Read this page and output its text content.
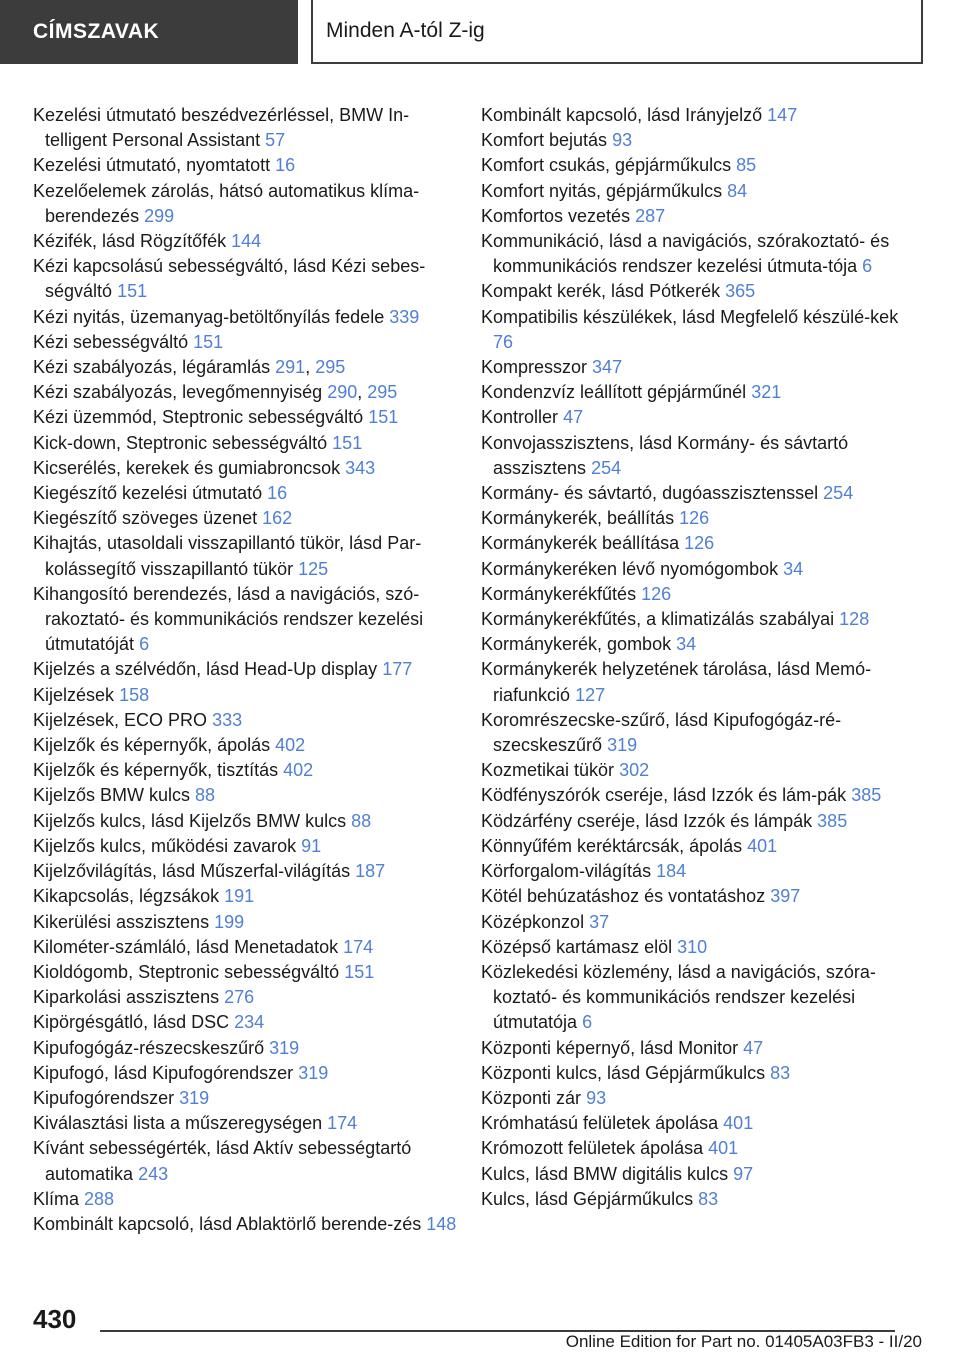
CÍMSZAVAK	Minden A-tól Z-ig

Kezelési útmutató beszédvezérléssel, BMW In-telligent Personal Assistant 57

Kezelési útmutató, nyomtatott 16

Kezelőelemek zárolás, hátsó automatikus klíma-berendezés 299

Kézifék, lásd Rögzítőfék 144

Kézi kapcsolású sebességváltó, lásd Kézi sebes-ségváltó 151

Kézi nyitás, üzemanyag-betöltőnyílás fedele 339

Kézi sebességváltó 151

Kézi szabályozás, légáramlás 291, 295

Kézi szabályozás, levegőmennyiség 290, 295

Kézi üzemmód, Steptronic sebességváltó 151

Kick-down, Steptronic sebességváltó 151

Kicserélés, kerekek és gumiabroncsok 343

Kiegészítő kezelési útmutató 16

Kiegészítő szöveges üzenet 162

Kihajtás, utasoldali visszapillantó tükör, lásd Par-kolássegítő visszapillantó tükör 125

Kihangosító berendezés, lásd a navigációs, szó-rakoztató- és kommunikációs rendszer kezelési útmutatóját 6

Kijelzés a szélvédőn, lásd Head-Up display 177

Kijelzések 158

Kijelzések, ECO PRO 333

Kijelzők és képernyők, ápolás 402

Kijelzők és képernyők, tisztítás 402

Kijelzős BMW kulcs 88

Kijelzős kulcs, lásd Kijelzős BMW kulcs 88

Kijelzős kulcs, működési zavarok 91

Kijelzővilágítás, lásd Műszerfal-világítás 187

Kikapcsolás, légzsákok 191

Kikerülési asszisztens 199

Kilométer-számláló, lásd Menetadatok 174

Kioldógomb, Steptronic sebességváltó 151

Kiparkolási asszisztens 276

Kipörgésgátló, lásd DSC 234

Kipufogógáz-részecskeszűrő 319

Kipufogó, lásd Kipufogórendszer 319

Kipufogórendszer 319

Kiválasztási lista a műszeregységen 174

Kívánt sebességérték, lásd Aktív sebességtartó automatika 243

Klíma 288

Kombinált kapcsoló, lásd Ablaktörlő berende-zés 148

Kombinált kapcsoló, lásd Irányjelző 147

Komfort bejutás 93

Komfort csukás, gépjárműkulcs 85

Komfort nyitás, gépjárműkulcs 84

Komfortos vezetés 287

Kommunikáció, lásd a navigációs, szórakoztató- és kommunikációs rendszer kezelési útmuta-tója 6

Kompakt kerék, lásd Pótkerék 365

Kompatibilis készülékek, lásd Megfelelő készülé-kek 76

Kompresszor 347

Kondenzvíz leállított gépjárműnél 321

Kontroller 47

Konvojasszisztens, lásd Kormány- és sávtartó asszisztens 254

Kormány- és sávtartó, dugóasszisztenssel 254

Kormánykerék, beállítás 126

Kormánykerék beállítása 126

Kormánykeréken lévő nyomógombok 34

Kormánykerékfűtés 126

Kormánykerékfűtés, a klimatizálás szabályai 128

Kormánykerék, gombok 34

Kormánykerék helyzetének tárolása, lásd Memó-riafunkció 127

Koromrészecske-szűrő, lásd Kipufogógáz-ré-szecskeszűrő 319

Kozmetikai tükör 302

Ködfényszórók cseréje, lásd Izzók és lám-pák 385

Ködzárfény cseréje, lásd Izzók és lámpák 385

Könnyűfém keréktárcsák, ápolás 401

Körforgalom-világítás 184

Kötél behúzatáshoz és vontatáshoz 397

Középkonzol 37

Középső kartámasz elöl 310

Közlekedési közlemény, lásd a navigációs, szóra-koztató- és kommunikációs rendszer kezelési útmutatója 6

Központi képernyő, lásd Monitor 47

Központi kulcs, lásd Gépjárműkulcs 83

Központi zár 93

Krómhatású felületek ápolása 401

Krómozott felületek ápolása 401

Kulcs, lásd BMW digitális kulcs 97

Kulcs, lásd Gépjárműkulcs 83

430
Online Edition for Part no. 01405A03FB3 - II/20
